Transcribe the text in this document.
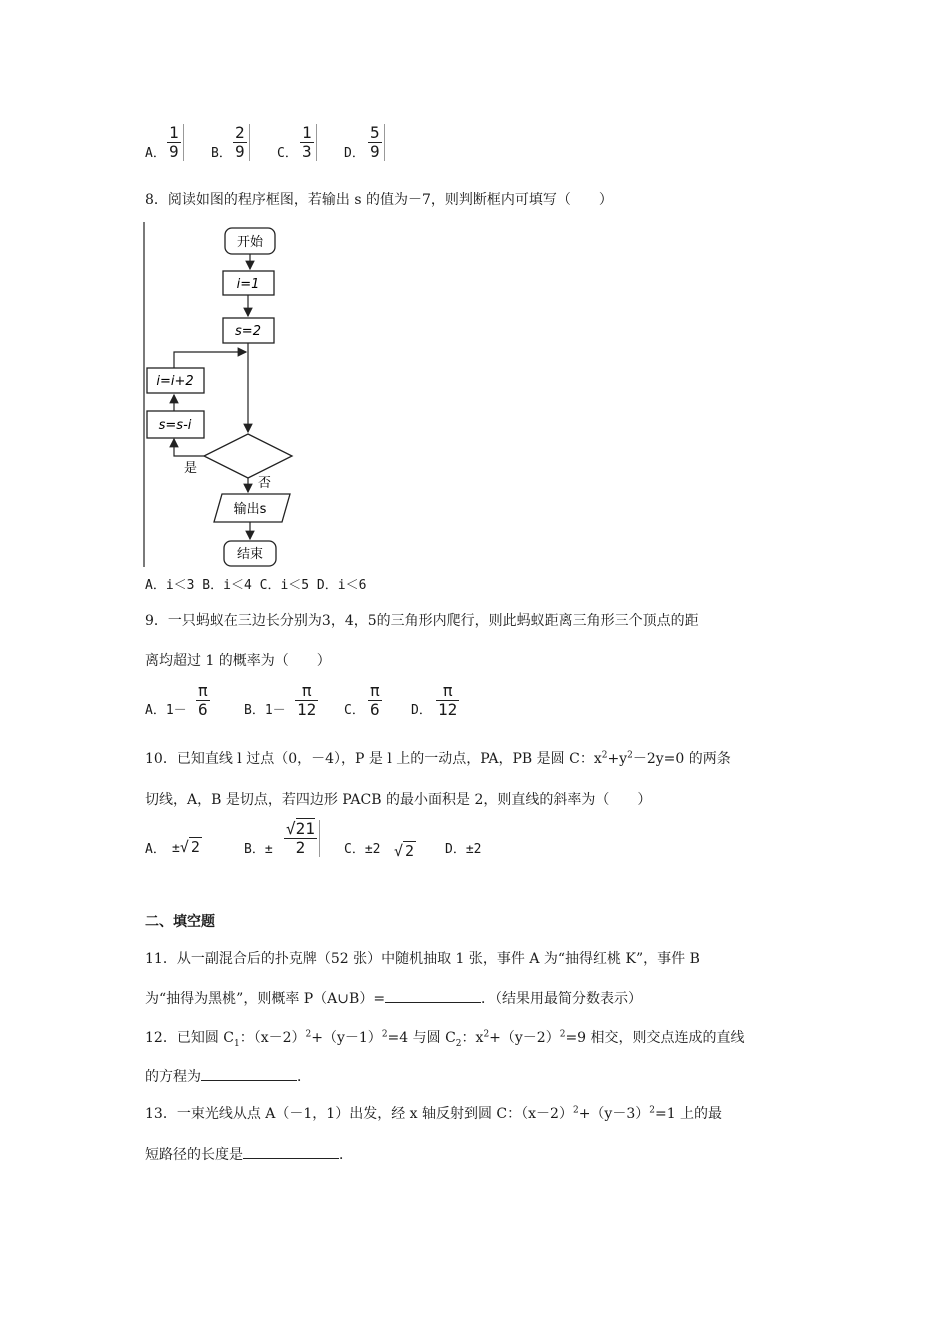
A． $\frac{1}{9}$ B． $\frac{2}{9}$ C． $\frac{1}{3}$ D． $\frac{5}{9}$
8．阅读如图的程序框图，若输出 s 的值为－7，则判断框内可填写（　　）
开始
i=1
s=2
是
s=s-i
i=i+2
否
输出s
结束
A．i＜3 B．i＜4 C．i＜5 D．i＜6
9．一只蚂蚁在三边长分别为3，4，5的三角形内爬行，则此蚂蚁距离三角形三个顶点的距
离均超过 1 的概率为（　　）
A．$1- \frac{\pi}{6}$	B．$1- \frac{\pi}{12}$ C． $\frac{\pi}{6}$ D． $\frac{\pi}{12}$
10．已知直线 l 过点（0，－4），P 是 l 上的一动点，PA，PB 是圆 C：$x^2+y^2-2y=0$ 的两条
切线，A，B 是切点，若四边形 PACB 的最小面积是 2，则直线的斜率为（　　）
A． ±√ 2	B．± $\frac{√21}{2}$ C．±2 √ 2 D．±2
二、填空题
11．从一副混合后的扑克牌（52 张）中随机抽取 1 张，事件 A 为“抽得红桃 K”，事件 B
为“抽得为黑桃”，则概率 P（A∪B）=	．（结果用最简分数表示）
12．已知圆 $C_1$：$(x-2)^2+(y-1)^2=4$ 与圆 $C_2$：$x^2+(y-2)^2=9$ 相交，则交点连成的直线
的方程为	．
13．一束光线从点 A（－1，1）出发，经 x 轴反射到圆 C：$(x-2)^2+(y-3)^2=1$ 上的最
短路径的长度是	．
